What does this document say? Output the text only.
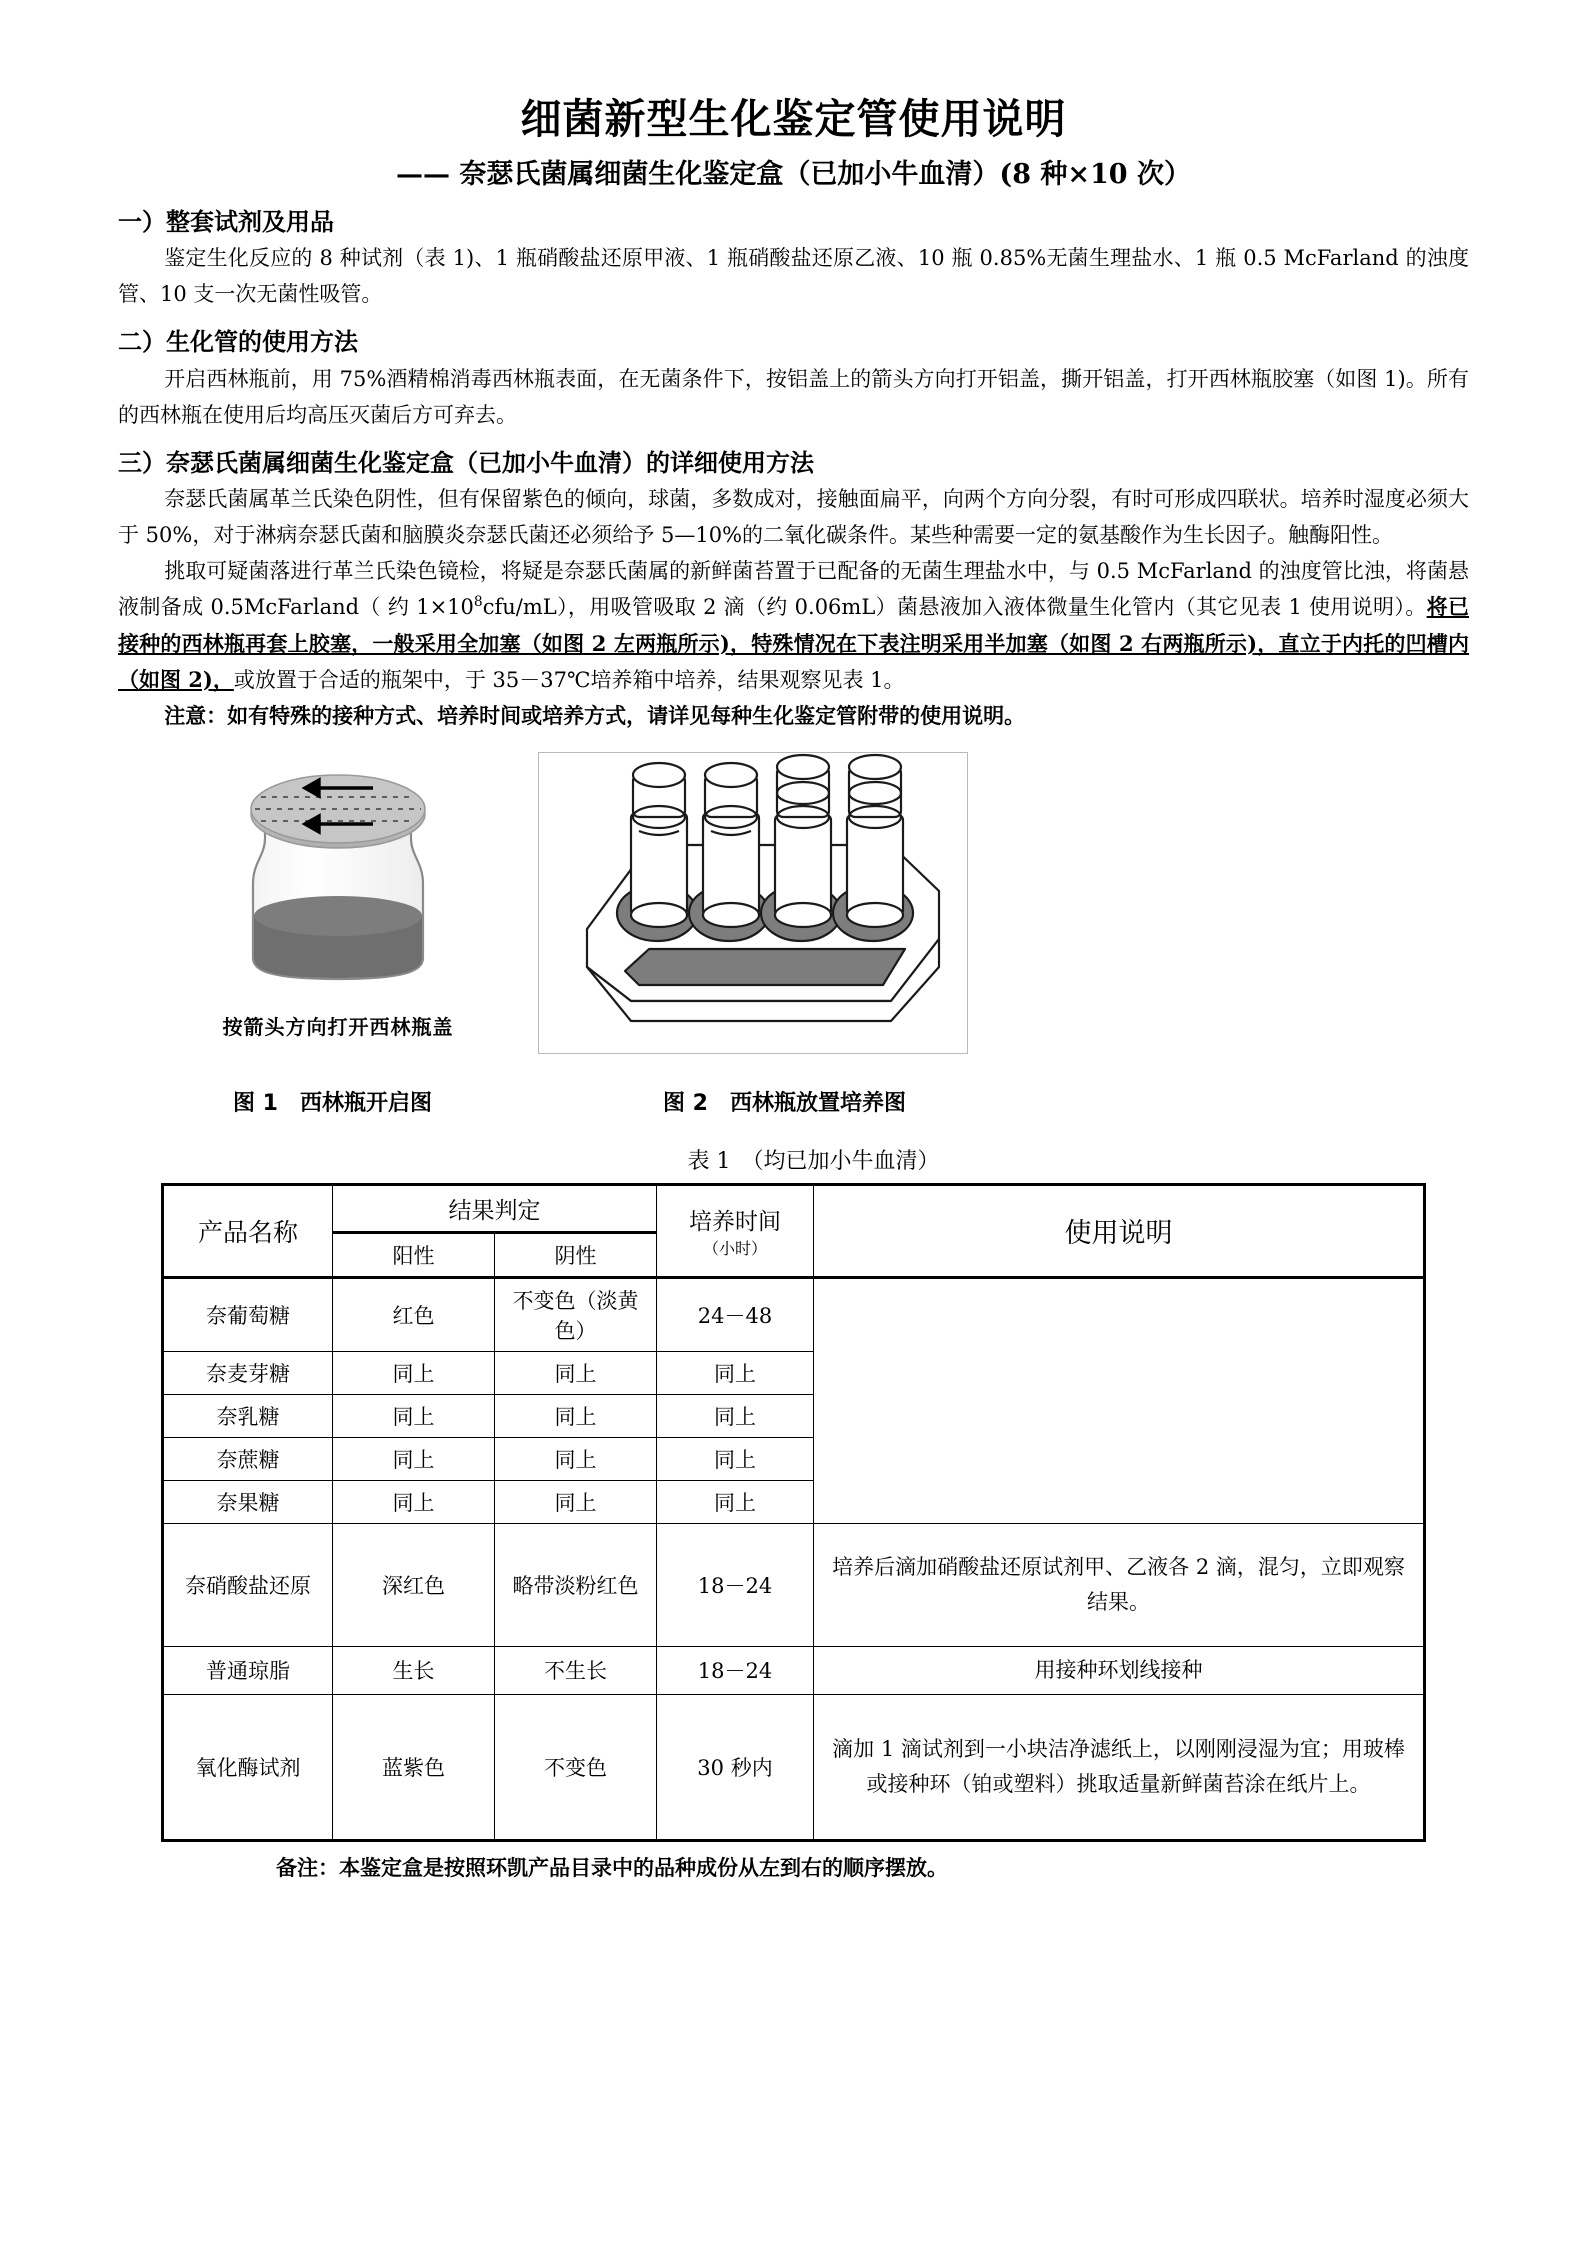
细菌新型生化鉴定管使用说明
—— 奈瑟氏菌属细菌生化鉴定盒（已加小牛血清）(8 种×10 次）
一）整套试剂及用品

鉴定生化反应的 8 种试剂（表 1)、1 瓶硝酸盐还原甲液、1 瓶硝酸盐还原乙液、10 瓶 0.85%无菌生理盐水、1 瓶 0.5 McFarland 的浊度管、10 支一次无菌性吸管。

二）生化管的使用方法

开启西林瓶前，用 75%酒精棉消毒西林瓶表面，在无菌条件下，按铝盖上的箭头方向打开铝盖，撕开铝盖，打开西林瓶胶塞（如图 1)。所有的西林瓶在使用后均高压灭菌后方可弃去。

三）奈瑟氏菌属细菌生化鉴定盒（已加小牛血清）的详细使用方法

奈瑟氏菌属革兰氏染色阴性，但有保留紫色的倾向，球菌，多数成对，接触面扁平，向两个方向分裂，有时可形成四联状。培养时湿度必须大于 50%，对于淋病奈瑟氏菌和脑膜炎奈瑟氏菌还必须给予 5—10%的二氧化碳条件。某些种需要一定的氨基酸作为生长因子。触酶阳性。

挑取可疑菌落进行革兰氏染色镜检，将疑是奈瑟氏菌属的新鲜菌苔置于已配备的无菌生理盐水中，与 0.5 McFarland 的浊度管比浊，将菌悬液制备成 0.5McFarland（ 约 $1\times 10^8cfu/mL$），用吸管吸取 2 滴（约 0.06mL）菌悬液加入液体微量生化管内（其它见表 1 使用说明）。将已接种的西林瓶再套上胶塞，一般采用全加塞（如图 2 左两瓶所示)，特殊情况在下表注明采用半加塞（如图 2 右两瓶所示)，直立于内托的凹槽内（如图 2)，或放置于合适的瓶架中，于 35－37℃培养箱中培养，结果观察见表 1。

注意：如有特殊的接种方式、培养时间或培养方式，请详见每种生化鉴定管附带的使用说明。

按箭头方向打开西林瓶盖
图 1　西林瓶开启图	图 2　西林瓶放置培养图
表 1　（均已加小牛血清）
产品名称	结果判定		培养时间
（小时）	使用说明
	阳性	阴性		
奈葡萄糖	红色	不变色（淡黄色）	24－48	
奈麦芽糖	同上	同上	同上	
奈乳糖	同上	同上	同上	
奈蔗糖	同上	同上	同上	
奈果糖	同上	同上	同上	
奈硝酸盐还原	深红色	略带淡粉红色	18－24	培养后滴加硝酸盐还原试剂甲、乙液各 2 滴，混匀，立即观察结果。
普通琼脂	生长	不生长	18－24	用接种环划线接种
氧化酶试剂	蓝紫色	不变色	30 秒内	滴加 1 滴试剂到一小块洁净滤纸上，以刚刚浸湿为宜；用玻棒或接种环（铂或塑料）挑取适量新鲜菌苔涂在纸片上。

备注：本鉴定盒是按照环凯产品目录中的品种成份从左到右的顺序摆放。
